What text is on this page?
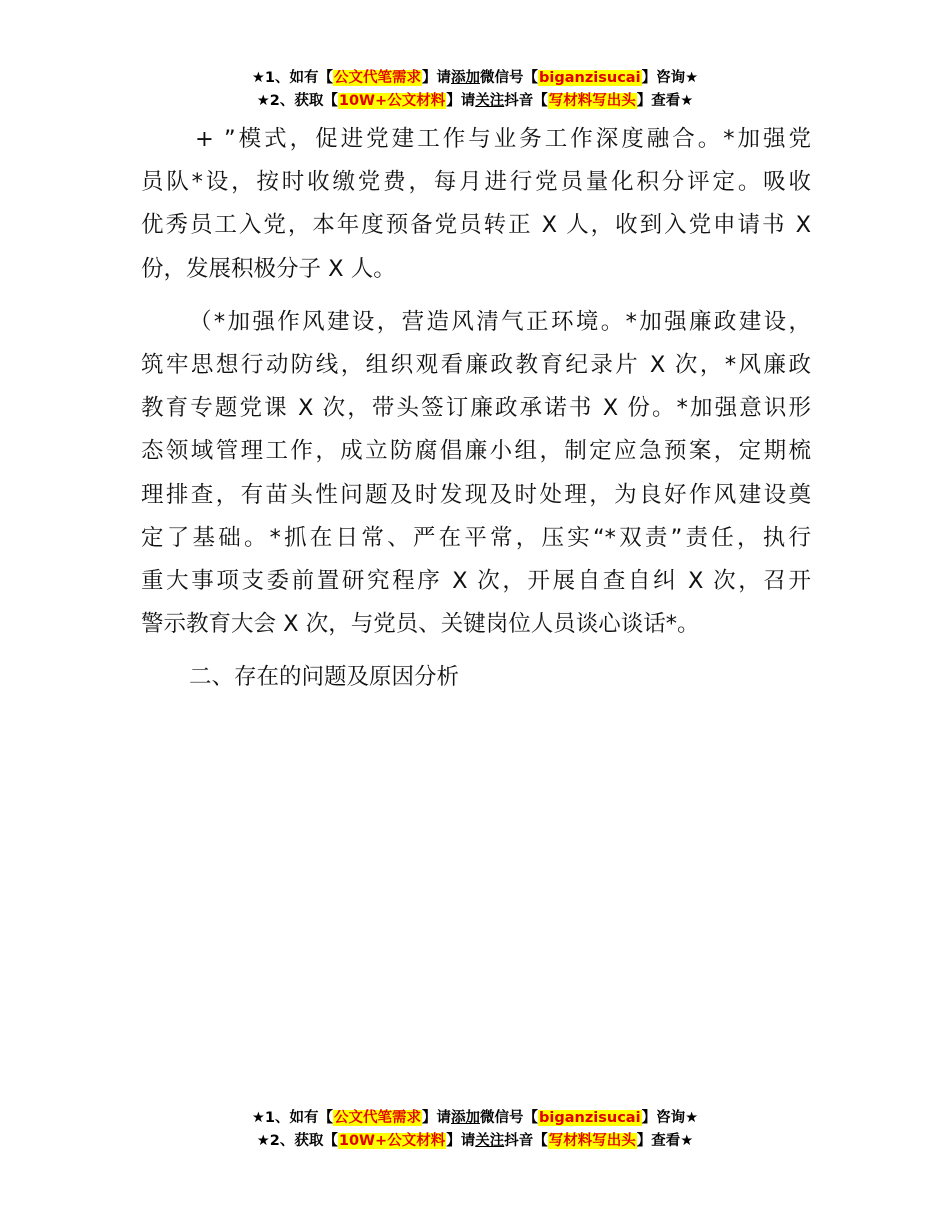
★1、如有【公文代笔需求】请添加微信号【biganzisucai】咨询★
★2、获取【10W+公文材料】请关注抖音【写材料写出头】查看★
+ ”模式，促进党建工作与业务工作深度融合。*加强党
员队*设，按时收缴党费，每月进行党员量化积分评定。吸收
优秀员工入党，本年度预备党员转正 X 人，收到入党申请书 X
份，发展积极分子 X 人。
（*加强作风建设，营造风清气正环境。*加强廉政建设，
筑牢思想行动防线，组织观看廉政教育纪录片 X 次，*风廉政
教育专题党课 X 次，带头签订廉政承诺书 X 份。*加强意识形
态领域管理工作，成立防腐倡廉小组，制定应急预案，定期梳
理排查，有苗头性问题及时发现及时处理，为良好作风建设奠
定了基础。*抓在日常、严在平常，压实“*双责”责任，执行
重大事项支委前置研究程序 X 次，开展自查自纠 X 次，召开
警示教育大会 X 次，与党员、关键岗位人员谈心谈话*。
二、存在的问题及原因分析
★1、如有【公文代笔需求】请添加微信号【biganzisucai】咨询★
★2、获取【10W+公文材料】请关注抖音【写材料写出头】查看★
